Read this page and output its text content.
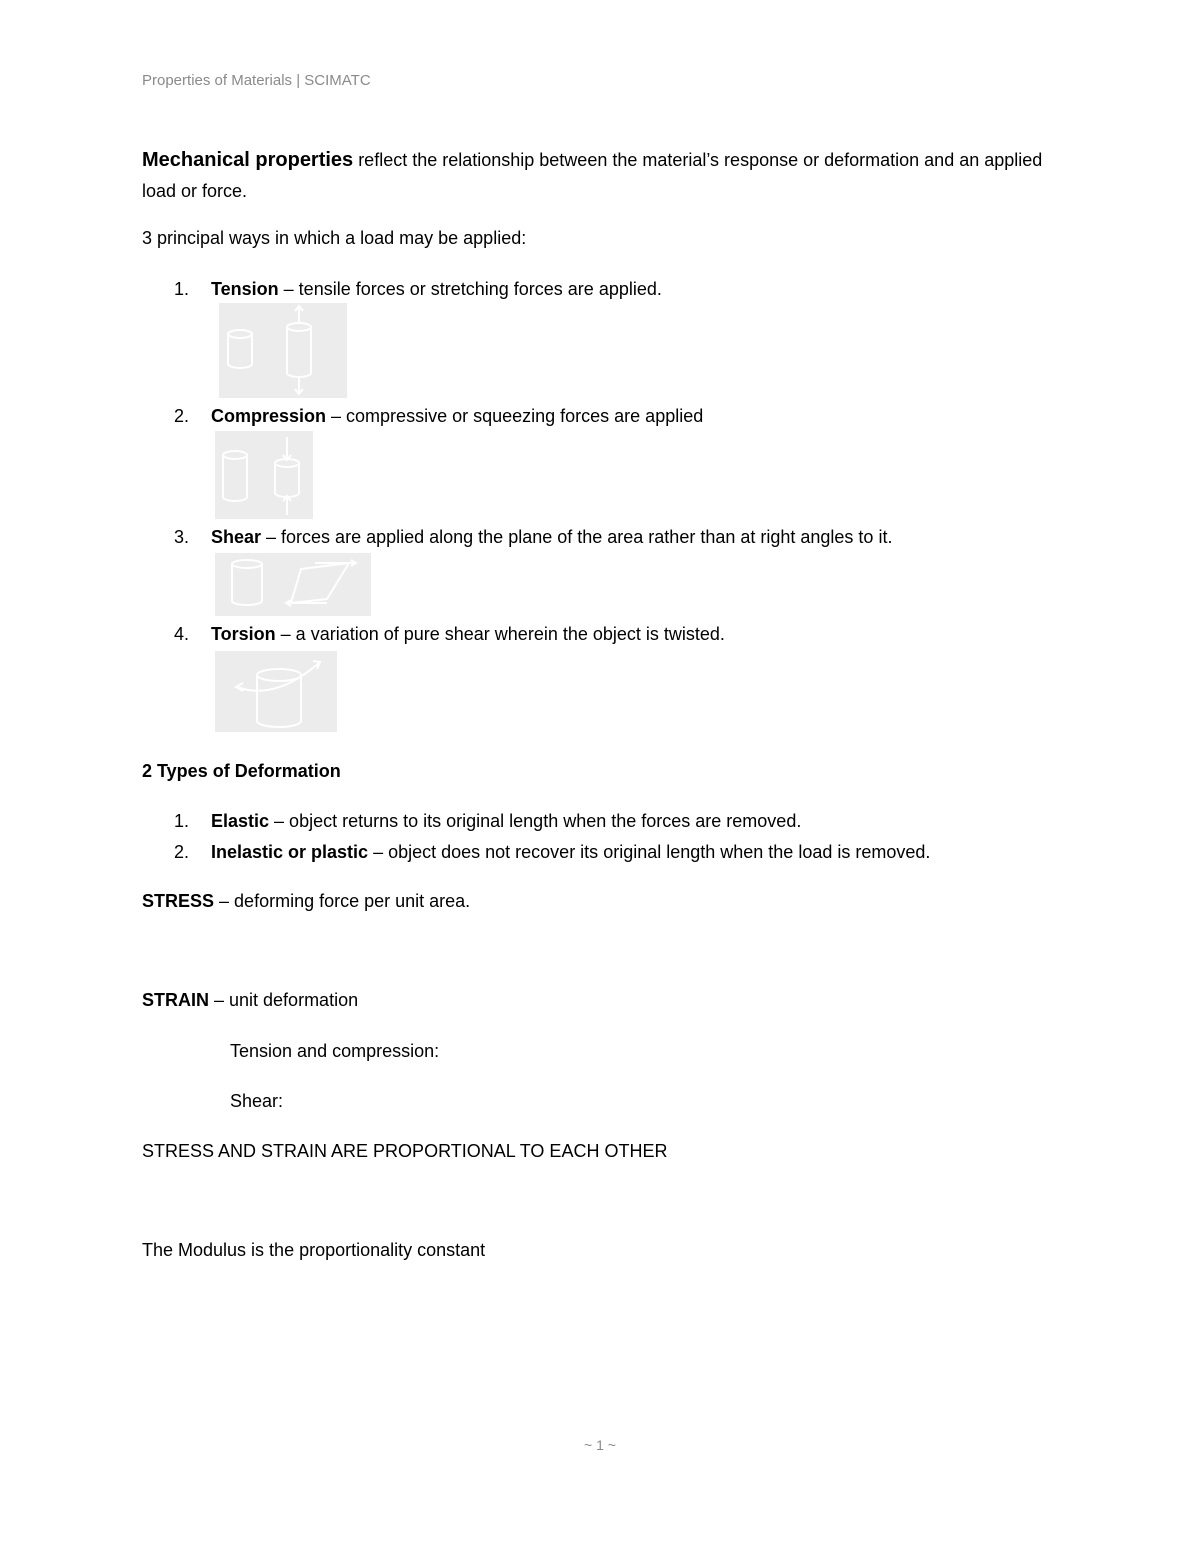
Properties of Materials | SCIMATC
Mechanical properties reflect the relationship between the material’s response or deformation and an applied load or force.
3 principal ways in which a load may be applied:
1. Tension – tensile forces or stretching forces are applied.
2. Compression – compressive or squeezing forces are applied
3. Shear – forces are applied along the plane of the area rather than at right angles to it.
4. Torsion – a variation of pure shear wherein the object is twisted.
2 Types of Deformation
1. Elastic – object returns to its original length when the forces are removed.
2. Inelastic or plastic – object does not recover its original length when the load is removed.
STRESS – deforming force per unit area.
STRAIN – unit deformation
Tension and compression:
Shear:
STRESS AND STRAIN ARE PROPORTIONAL TO EACH OTHER
The Modulus is the proportionality constant
~ 1 ~
